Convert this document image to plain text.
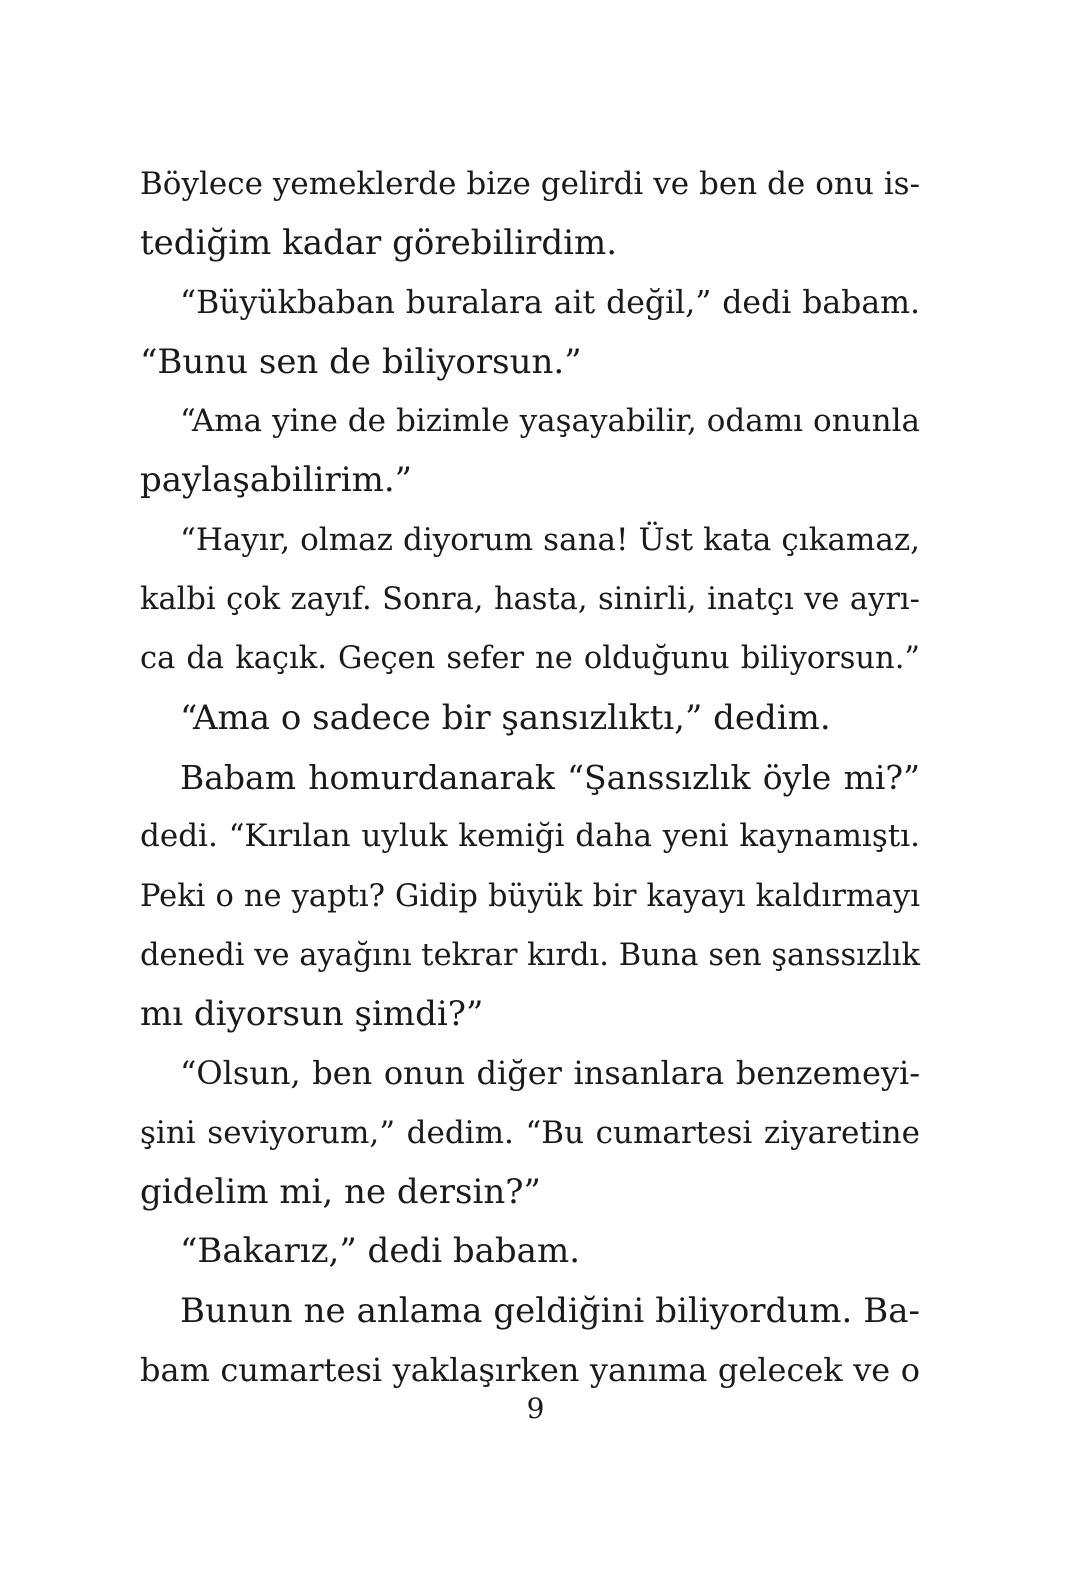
Böylece yemeklerde bize gelirdi ve ben de onu is-
tediğim kadar görebilirdim.
“Büyükbaban buralara ait değil,” dedi babam.
“Bunu sen de biliyorsun.”
“Ama yine de bizimle yaşayabilir, odamı onunla
paylaşabilirim.”
“Hayır, olmaz diyorum sana! Üst kata çıkamaz,
kalbi çok zayıf. Sonra, hasta, sinirli, inatçı ve ayrı-
ca da kaçık. Geçen sefer ne olduğunu biliyorsun.”
“Ama o sadece bir şansızlıktı,” dedim.
Babam homurdanarak “Şanssızlık öyle mi?”
dedi. “Kırılan uyluk kemiği daha yeni kaynamıştı.
Peki o ne yaptı? Gidip büyük bir kayayı kaldırmayı
denedi ve ayağını tekrar kırdı. Buna sen şanssızlık
mı diyorsun şimdi?”
“Olsun, ben onun diğer insanlara benzemeyi-
şini seviyorum,” dedim. “Bu cumartesi ziyaretine
gidelim mi, ne dersin?”
“Bakarız,” dedi babam.
Bunun ne anlama geldiğini biliyordum. Ba-
bam cumartesi yaklaşırken yanıma gelecek ve o
9
